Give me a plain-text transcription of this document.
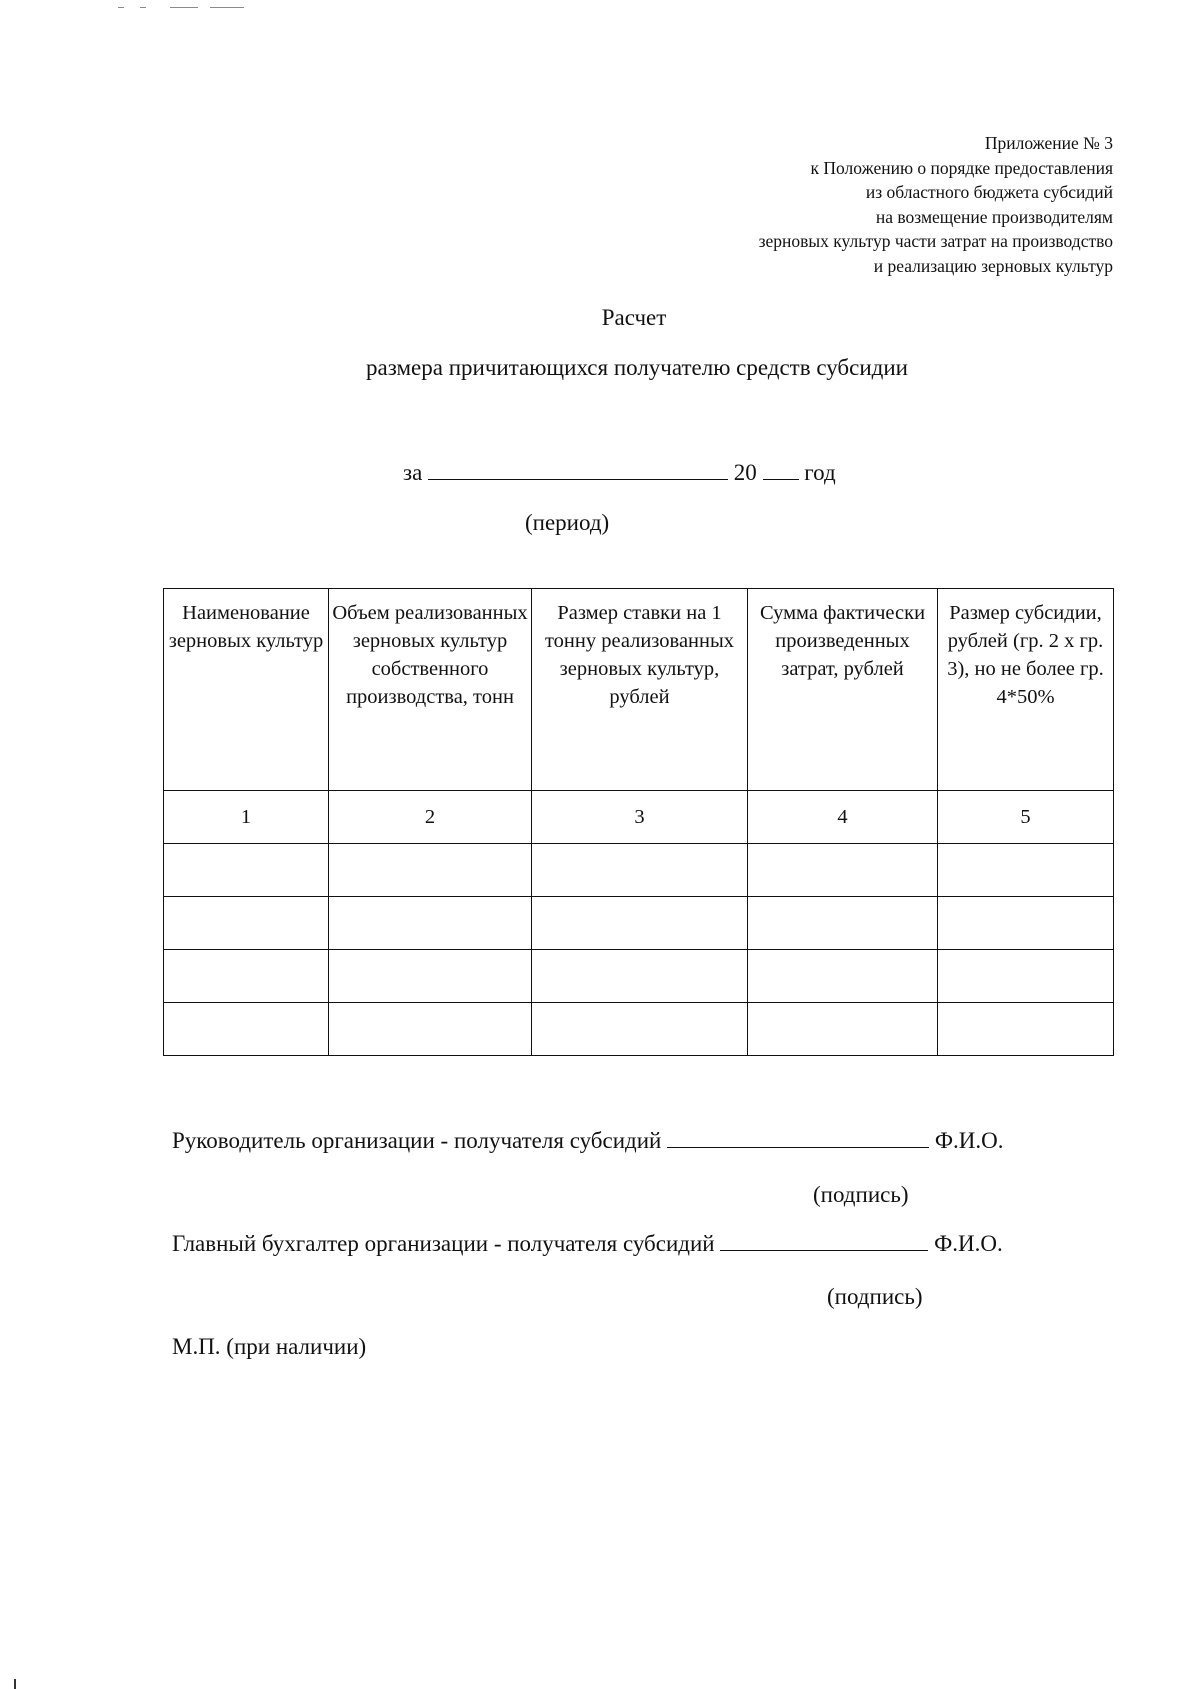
Приложение № 3
к Положению о порядке предоставления
из областного бюджета субсидий
на возмещение производителям
зерновых культур части затрат на производство
и реализацию зерновых культур
Расчет
размера причитающихся получателю средств субсидии
за	20 год
(период)
Наименование зерновых культур	Объем реализованных зерновых культур собственного производства, тонн	Размер ставки на 1 тонну реализованных зерновых культур, рублей	Сумма фактически произведенных затрат, рублей	Размер субсидии, рублей (гр. 2 х гр. 3), но не более гр. 4*50%
1	2	3	4	5

Руководитель организации - получателя субсидий	Ф.И.О.
(подпись)
Главный бухгалтер организации - получателя субсидий	Ф.И.О.
(подпись)
М.П. (при наличии)
